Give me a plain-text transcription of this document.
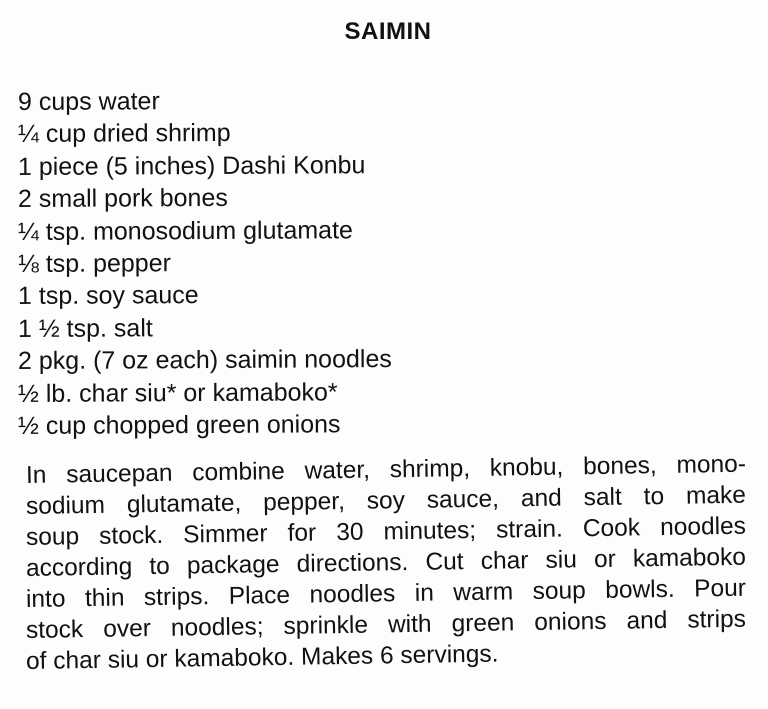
SAIMIN
9 cups water
¼ cup dried shrimp
1 piece (5 inches) Dashi Konbu
2 small pork bones
¼ tsp. monosodium glutamate
⅛ tsp. pepper
1 tsp. soy sauce
1 ½ tsp. salt
2 pkg. (7 oz each) saimin noodles
½ lb. char siu* or kamaboko*
½ cup chopped green onions
In saucepan combine water, shrimp, knobu, bones, mono-
sodium glutamate, pepper, soy sauce, and salt to make
soup stock. Simmer for 30 minutes; strain. Cook noodles
according to package directions. Cut char siu or kamaboko
into thin strips. Place noodles in warm soup bowls. Pour
stock over noodles; sprinkle with green onions and strips
of char siu or kamaboko. Makes 6 servings.
